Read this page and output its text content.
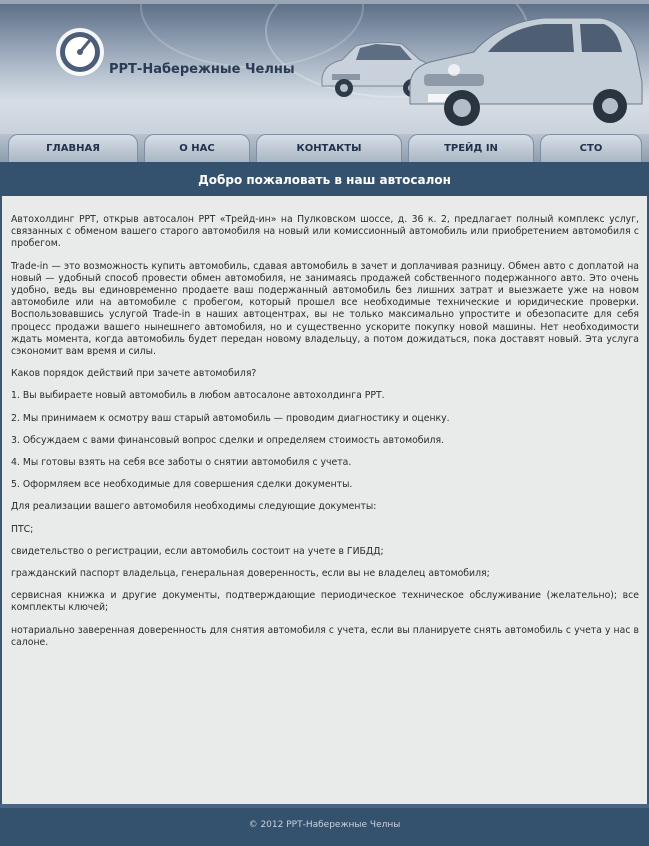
РРТ-Набережные Челны
ГЛАВНАЯ	О НАС	КОНТАКТЫ	ТРЕЙД IN	СТО
Добро пожаловать в наш автосалон

Автохолдинг РРТ, открыв автосалон РРТ «Трейд-ин» на Пулковском шоссе, д. 36 к. 2, предлагает полный комплекс услуг, связанных с обменом вашего старого автомобиля на новый или комиссионный автомобиль или приобретением автомобиля с пробегом.

Trade-in — это возможность купить автомобиль, сдавая автомобиль в зачет и доплачивая разницу. Обмен авто с доплатой на новый — удобный способ провести обмен автомобиля, не занимаясь продажей собственного подержанного авто. Это очень удобно, ведь вы единовременно продаете ваш подержанный автомобиль без лишних затрат и выезжаете уже на новом автомобиле или на автомобиле с пробегом, который прошел все необходимые технические и юридические проверки. Воспользовавшись услугой Trade-in в наших автоцентрах, вы не только максимально упростите и обезопасите для себя процесс продажи вашего нынешнего автомобиля, но и существенно ускорите покупку новой машины. Нет необходимости ждать момента, когда автомобиль будет передан новому владельцу, а потом дожидаться, пока доставят новый. Эта услуга сэкономит вам время и силы.

Каков порядок действий при зачете автомобиля?

1. Вы выбираете новый автомобиль в любом автосалоне автохолдинга РРТ.

2. Мы принимаем к осмотру ваш старый автомобиль — проводим диагностику и оценку.

3. Обсуждаем с вами финансовый вопрос сделки и определяем стоимость автомобиля.

4. Мы готовы взять на себя все заботы о снятии автомобиля с учета.

5. Оформляем все необходимые для совершения сделки документы.

Для реализации вашего автомобиля необходимы следующие документы:

ПТС;

свидетельство о регистрации, если автомобиль состоит на учете в ГИБДД;

гражданский паспорт владельца, генеральная доверенность, если вы не владелец автомобиля;

сервисная книжка и другие документы, подтверждающие периодическое техническое обслуживание (желательно); все комплекты ключей;

нотариально заверенная доверенность для снятия автомобиля с учета, если вы планируете снять автомобиль с учета у нас в салоне.

© 2012 РРТ-Набережные Челны
